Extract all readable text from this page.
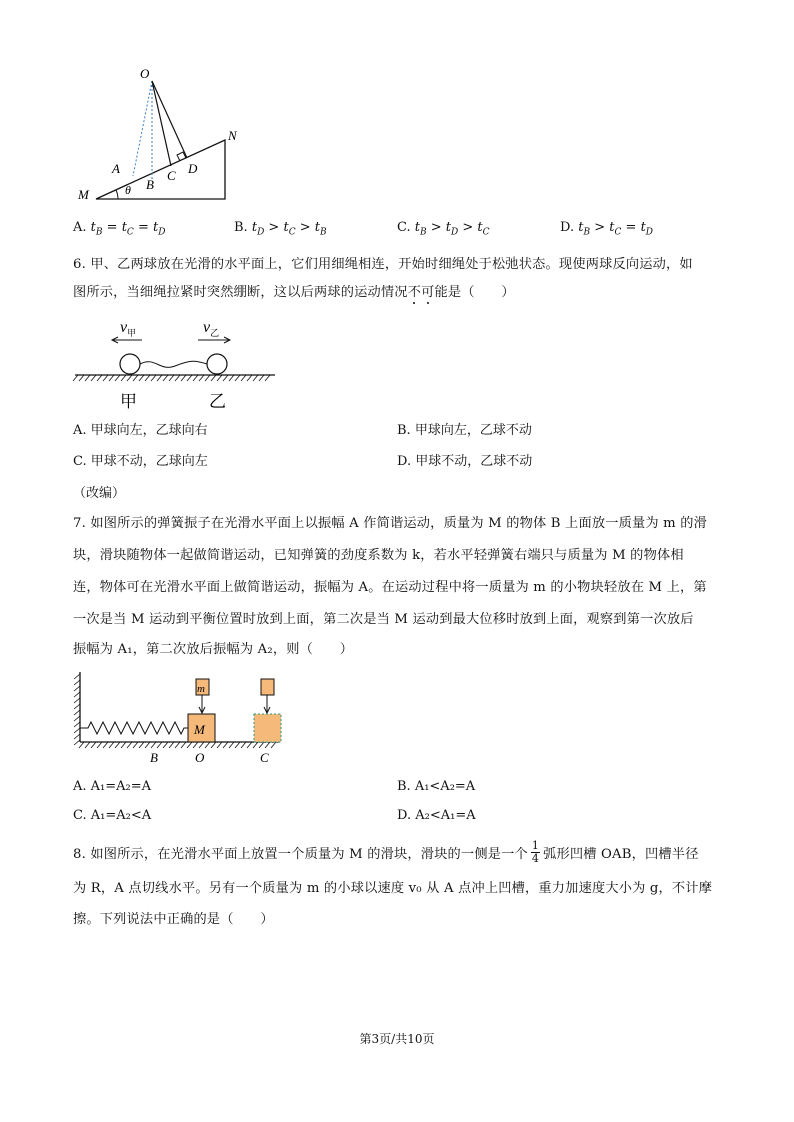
O
N
A
B
C D
M	θ
A. $t_B = t_C = t_D$	B. $t_D > t_C > t_B$	C. $t_B > t_D > t_C$	D. $t_B > t_C = t_D$
6. 甲、乙两球放在光滑的水平面上，它们用细绳相连，开始时细绳处于松弛状态。现使两球反向运动，如
图所示，当细绳拉紧时突然绷断，这以后两球的运动情况不可能是（　　）
$v_甲$	$v_乙$
甲	乙
A. 甲球向左，乙球向右	B. 甲球向左，乙球不动
C. 甲球不动，乙球向左	D. 甲球不动，乙球不动
（改编）
7. 如图所示的弹簧振子在光滑水平面上以振幅 A 作简谐运动，质量为 M 的物体 B 上面放一质量为 m 的滑
块，滑块随物体一起做简谐运动，已知弹簧的劲度系数为 k，若水平轻弹簧右端只与质量为 M 的物体相
连，物体可在光滑水平面上做简谐运动，振幅为 A。在运动过程中将一质量为 m 的小物块轻放在 M 上，第
一次是当 M 运动到平衡位置时放到上面，第二次是当 M 运动到最大位移时放到上面，观察到第一次放后
振幅为 A₁，第二次放后振幅为 A₂，则（　　）
M
m
B	O	C
A. A₁=A₂=A	B. A₁<A₂=A
C. A₁=A₂<A	D. A₂<A₁=A
8. 如图所示，在光滑水平面上放置一个质量为 M 的滑块，滑块的一侧是一个 $\frac{1}{4}$ 弧形凹槽 OAB，凹槽半径
为 R，A 点切线水平。另有一个质量为 m 的小球以速度 v₀ 从 A 点冲上凹槽，重力加速度大小为 g，不计摩
擦。下列说法中正确的是（　　）
第3页/共10页
